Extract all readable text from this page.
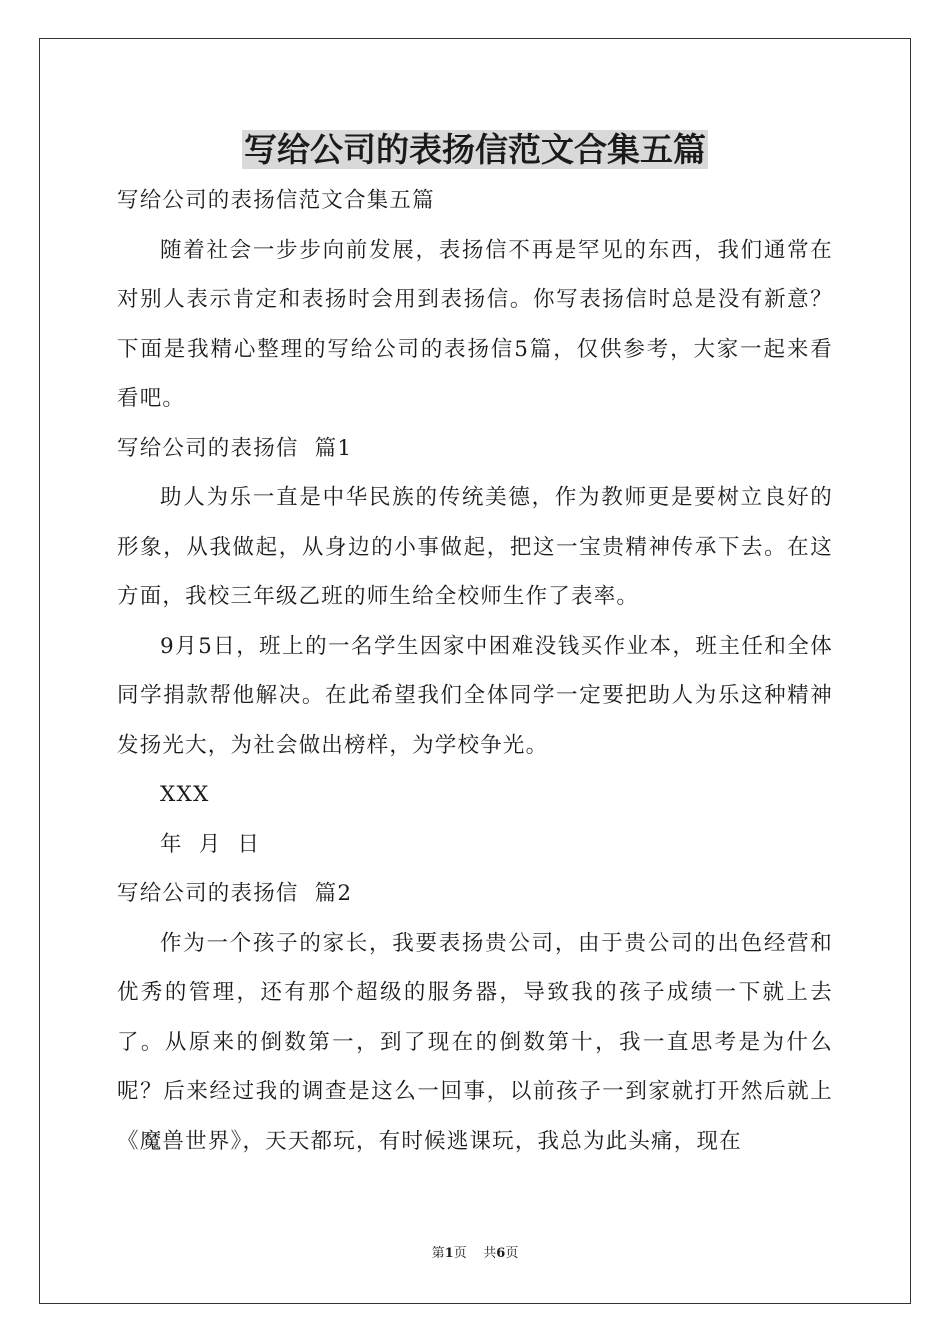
写给公司的表扬信范文合集五篇

写给公司的表扬信范文合集五篇

随着社会一步步向前发展，表扬信不再是罕见的东西，我们通常在对别人表示肯定和表扬时会用到表扬信。你写表扬信时总是没有新意？下面是我精心整理的写给公司的表扬信5篇，仅供参考，大家一起来看看吧。

写给公司的表扬信  篇1

助人为乐一直是中华民族的传统美德，作为教师更是要树立良好的形象，从我做起，从身边的小事做起，把这一宝贵精神传承下去。在这方面，我校三年级乙班的师生给全校师生作了表率。

9月5日，班上的一名学生因家中困难没钱买作业本，班主任和全体同学捐款帮他解决。在此希望我们全体同学一定要把助人为乐这种精神发扬光大，为社会做出榜样，为学校争光。

XXX

年  月  日

写给公司的表扬信  篇2

作为一个孩子的家长，我要表扬贵公司，由于贵公司的出色经营和优秀的管理，还有那个超级的服务器，导致我的孩子成绩一下就上去了。从原来的倒数第一，到了现在的倒数第十，我一直思考是为什么呢？后来经过我的调查是这么一回事，以前孩子一到家就打开然后就上《魔兽世界》，天天都玩，有时候逃课玩，我总为此头痛，现在

第1页 共6页
